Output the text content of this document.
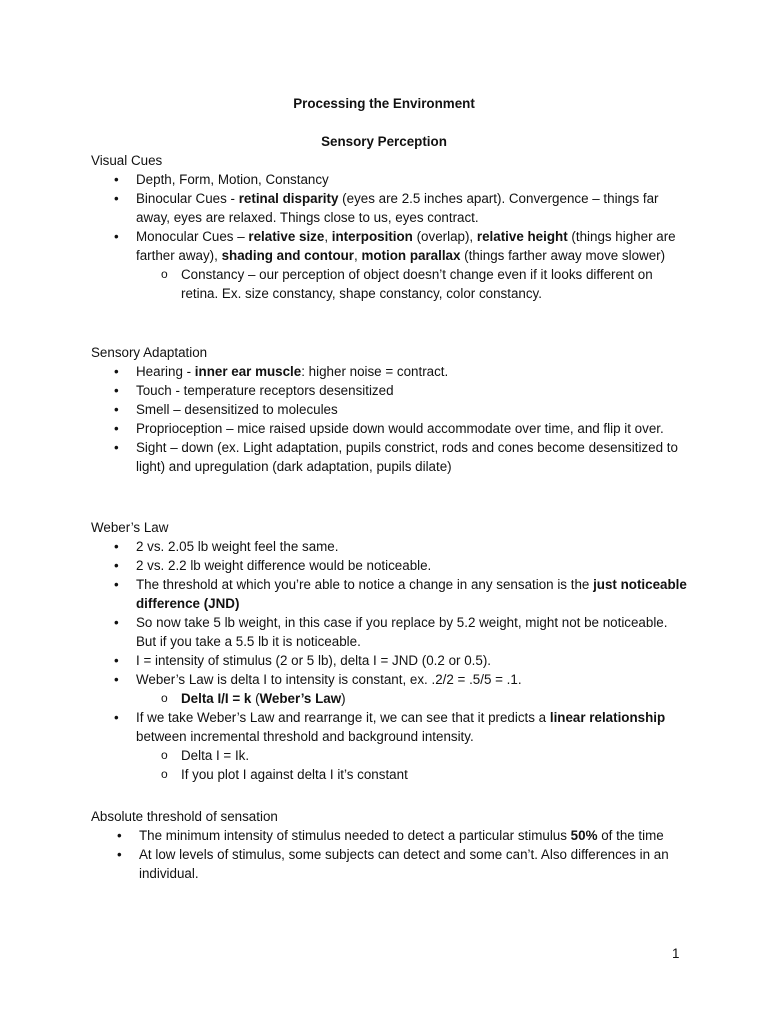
Processing the Environment
Sensory Perception
Visual Cues
• Depth, Form, Motion, Constancy
• Binocular Cues - retinal disparity (eyes are 2.5 inches apart). Convergence – things far away, eyes are relaxed. Things close to us, eyes contract.
• Monocular Cues – relative size, interposition (overlap), relative height (things higher are farther away), shading and contour, motion parallax (things farther away move slower)
o Constancy – our perception of object doesn’t change even if it looks different on retina. Ex. size constancy, shape constancy, color constancy.
Sensory Adaptation
• Hearing - inner ear muscle: higher noise = contract.
• Touch - temperature receptors desensitized
• Smell – desensitized to molecules
• Proprioception – mice raised upside down would accommodate over time, and flip it over.
• Sight – down (ex. Light adaptation, pupils constrict, rods and cones become desensitized to light) and upregulation (dark adaptation, pupils dilate)
Weber’s Law
• 2 vs. 2.05 lb weight feel the same.
• 2 vs. 2.2 lb weight difference would be noticeable.
• The threshold at which you’re able to notice a change in any sensation is the just noticeable difference (JND)
• So now take 5 lb weight, in this case if you replace by 5.2 weight, might not be noticeable. But if you take a 5.5 lb it is noticeable.
• I = intensity of stimulus (2 or 5 lb), delta I = JND (0.2 or 0.5).
• Weber’s Law is delta I to intensity is constant, ex. .2/2 = .5/5 = .1.
o Delta I/I = k (Weber’s Law)
• If we take Weber’s Law and rearrange it, we can see that it predicts a linear relationship between incremental threshold and background intensity.
o Delta I = Ik.
o If you plot I against delta I it’s constant
Absolute threshold of sensation
• The minimum intensity of stimulus needed to detect a particular stimulus 50% of the time
• At low levels of stimulus, some subjects can detect and some can’t. Also differences in an individual.
1
